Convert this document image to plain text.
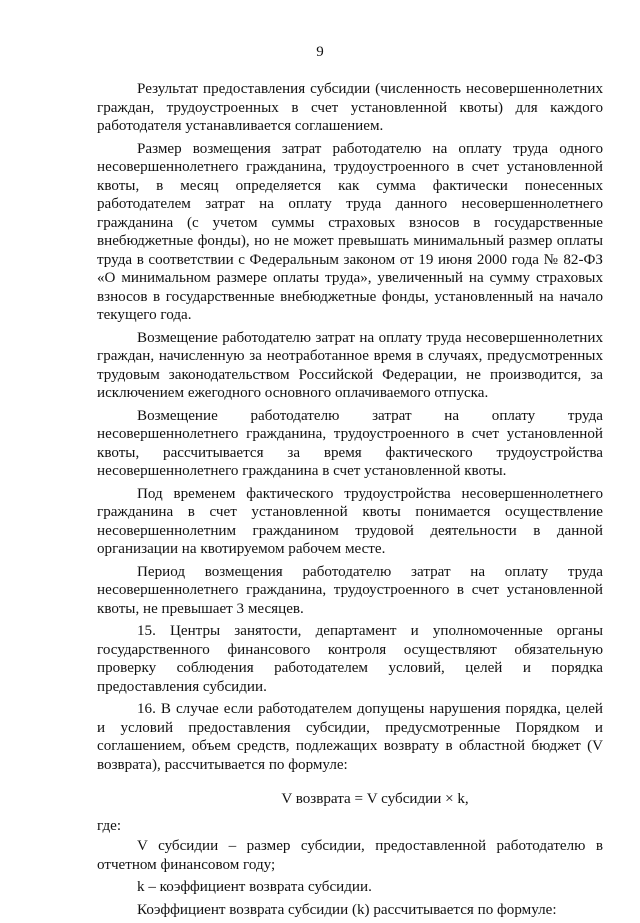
9

Результат предоставления субсидии (численность несовершеннолетних граждан, трудоустроенных в счет установленной квоты) для каждого работодателя устанавливается соглашением.

Размер возмещения затрат работодателю на оплату труда одного несовершеннолетнего гражданина, трудоустроенного в счет установленной квоты, в месяц определяется как сумма фактически понесенных работодателем затрат на оплату труда данного несовершеннолетнего гражданина (с учетом суммы страховых взносов в государственные внебюджетные фонды), но не может превышать минимальный размер оплаты труда в соответствии с Федеральным законом от 19 июня 2000 года № 82-ФЗ «О минимальном размере оплаты труда», увеличенный на сумму страховых взносов в государственные внебюджетные фонды, установленный на начало текущего года.

Возмещение работодателю затрат на оплату труда несовершеннолетних граждан, начисленную за неотработанное время в случаях, предусмотренных трудовым законодательством Российской Федерации, не производится, за исключением ежегодного основного оплачиваемого отпуска.

Возмещение работодателю затрат на оплату труда несовершеннолетнего гражданина, трудоустроенного в счет установленной квоты, рассчитывается за время фактического трудоустройства несовершеннолетнего гражданина в счет установленной квоты.

Под временем фактического трудоустройства несовершеннолетнего гражданина в счет установленной квоты понимается осуществление несовершеннолетним гражданином трудовой деятельности в данной организации на квотируемом рабочем месте.

Период возмещения работодателю затрат на оплату труда несовершеннолетнего гражданина, трудоустроенного в счет установленной квоты, не превышает 3 месяцев.

15. Центры занятости, департамент и уполномоченные органы государственного финансового контроля осуществляют обязательную проверку соблюдения работодателем условий, целей и порядка предоставления субсидии.

16. В случае если работодателем допущены нарушения порядка, целей и условий предоставления субсидии, предусмотренные Порядком и соглашением, объем средств, подлежащих возврату в областной бюджет (V возврата), рассчитывается по формуле:

V возврата = V субсидии × k,

где:

V субсидии – размер субсидии, предоставленной работодателю в отчетном финансовом году;

k – коэффициент возврата субсидии.

Коэффициент возврата субсидии (k) рассчитывается по формуле:
